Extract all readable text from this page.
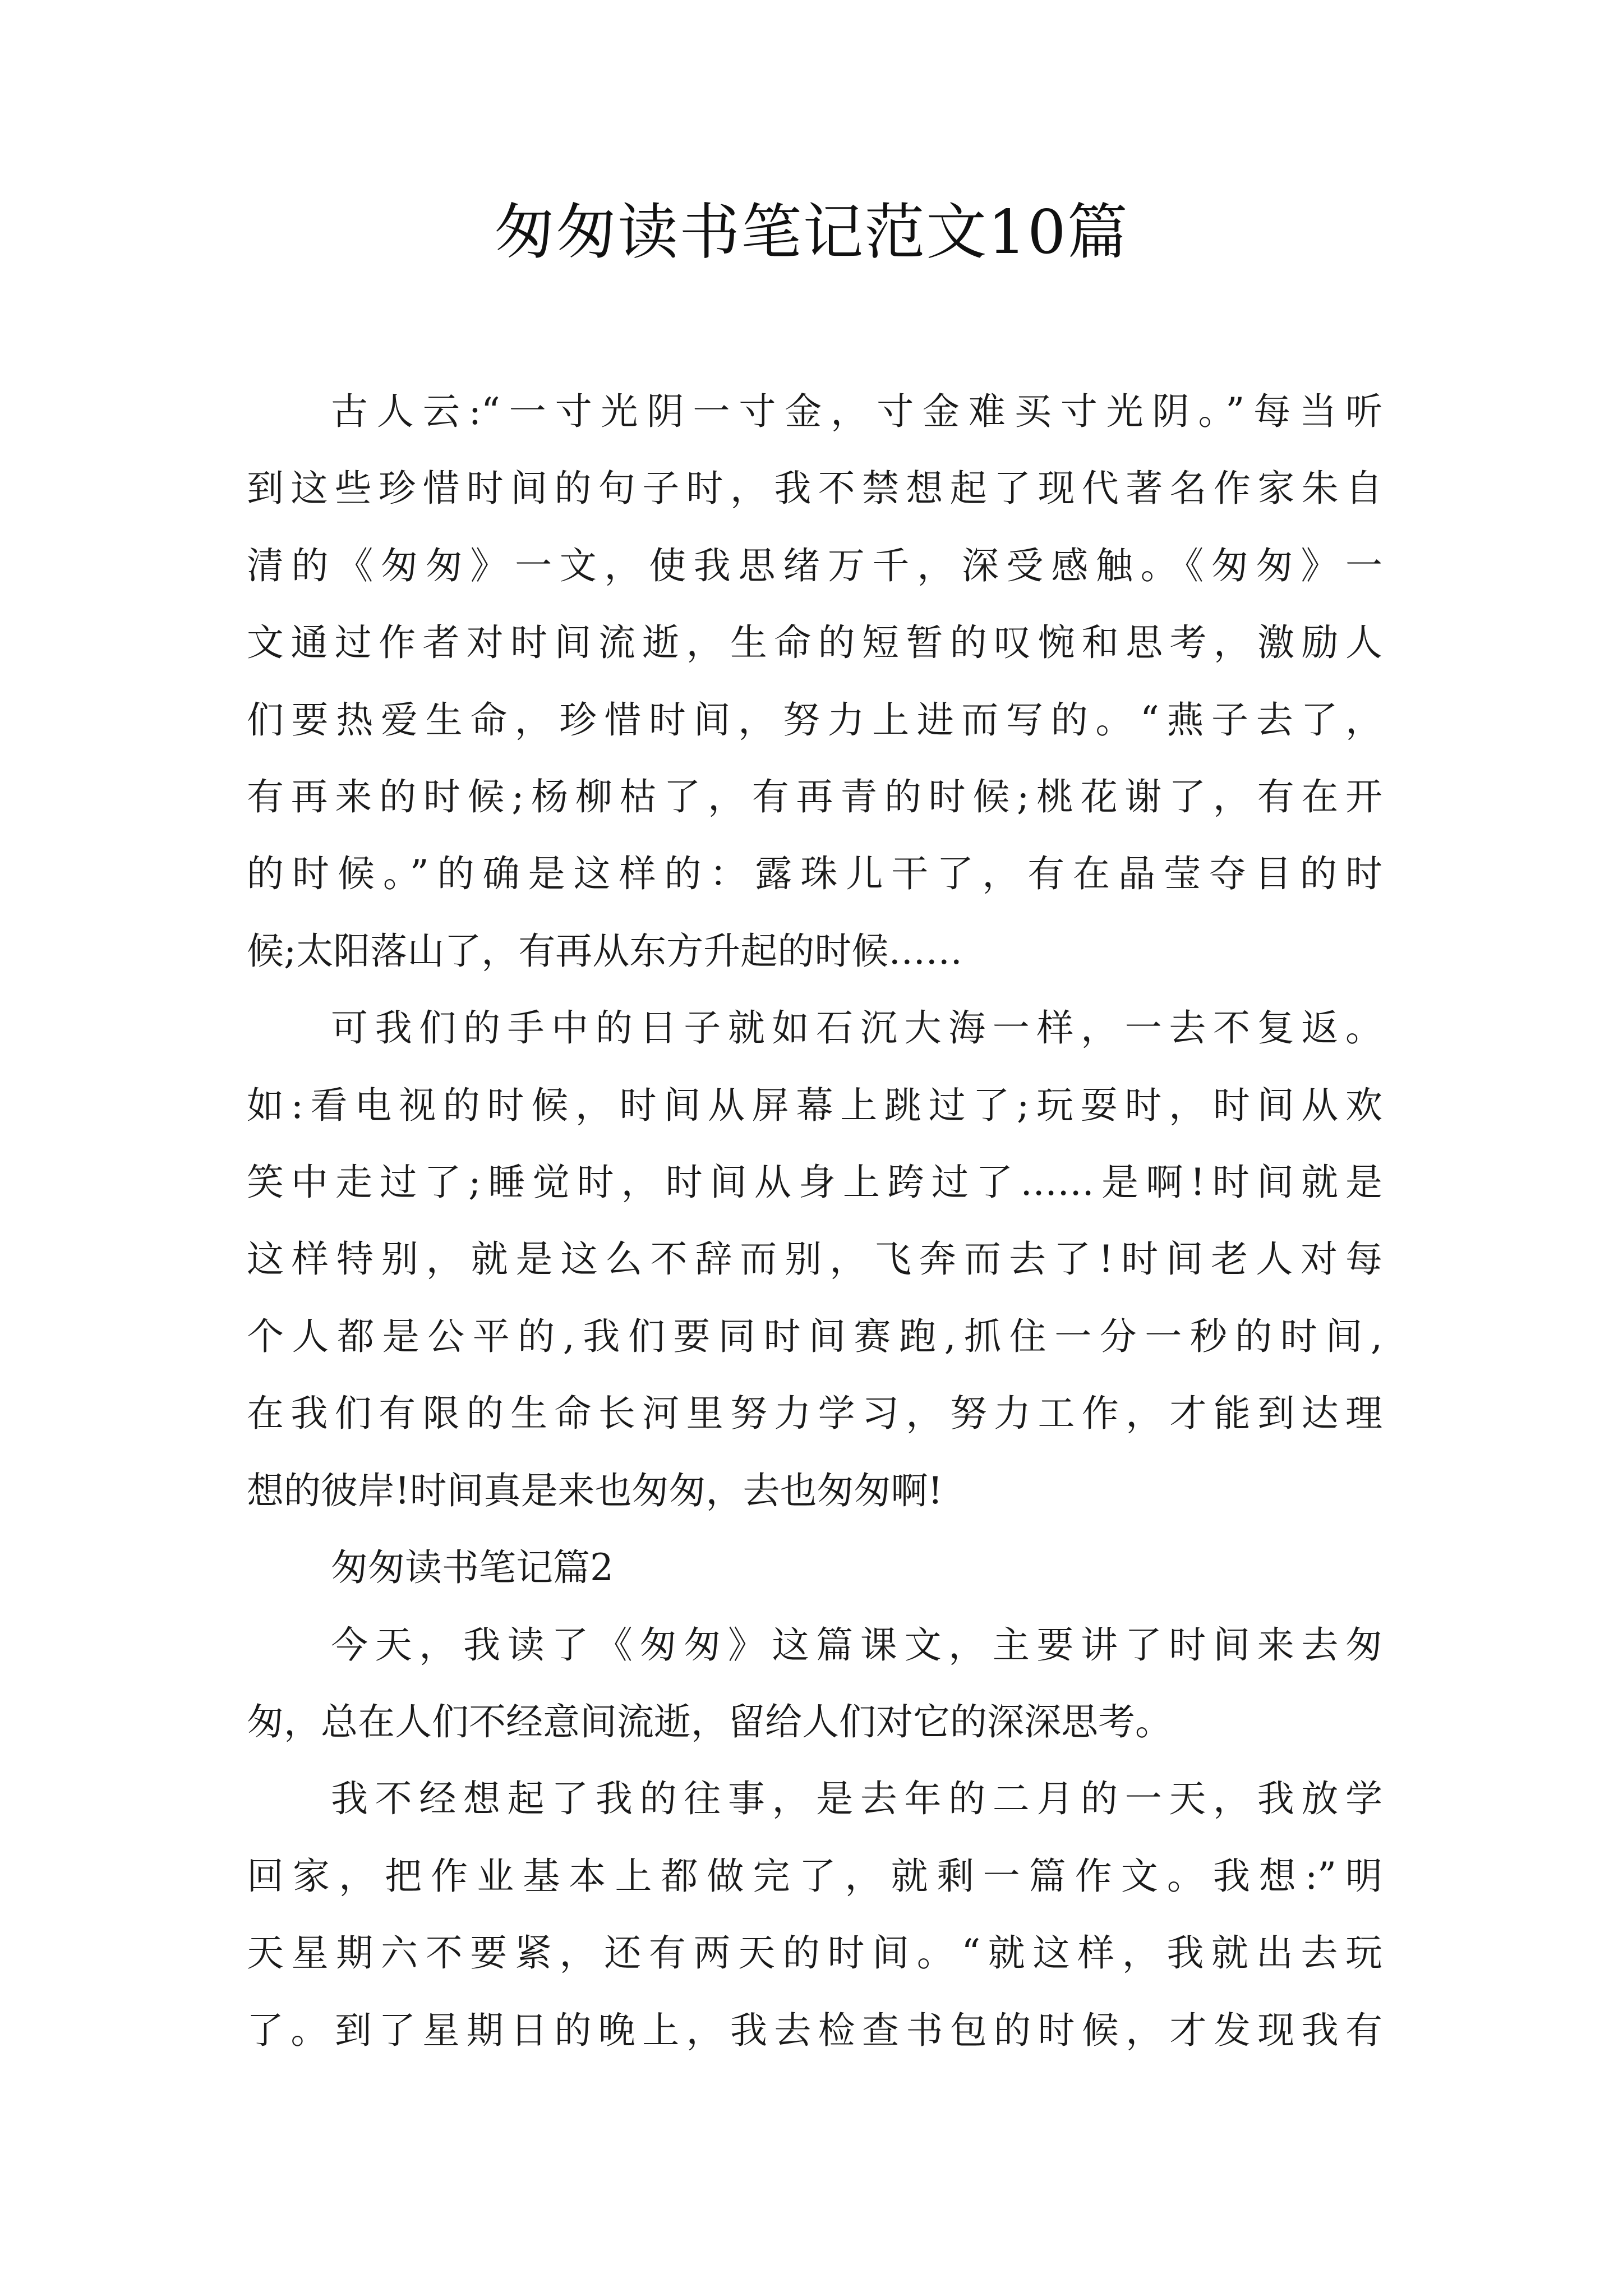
匆匆读书笔记范文10篇
古人云:“一寸光阴一寸金，寸金难买寸光阴。”每当听
到这些珍惜时间的句子时，我不禁想起了现代著名作家朱自
清的《匆匆》一文，使我思绪万千，深受感触。《匆匆》一
文通过作者对时间流逝，生命的短暂的叹惋和思考，激励人
们要热爱生命，珍惜时间，努力上进而写的。“燕子去了，
有再来的时候;杨柳枯了，有再青的时候;桃花谢了，有在开
的时候。”的确是这样的：露珠儿干了，有在晶莹夺目的时
候;太阳落山了，有再从东方升起的时候……
可我们的手中的日子就如石沉大海一样，一去不复返。
如:看电视的时候，时间从屏幕上跳过了;玩耍时，时间从欢
笑中走过了;睡觉时，时间从身上跨过了……是啊!时间就是
这样特别，就是这么不辞而别，飞奔而去了!时间老人对每
个人都是公平的,我们要同时间赛跑,抓住一分一秒的时间,
在我们有限的生命长河里努力学习，努力工作，才能到达理
想的彼岸!时间真是来也匆匆，去也匆匆啊!
匆匆读书笔记篇2
今天，我读了《匆匆》这篇课文，主要讲了时间来去匆
匆，总在人们不经意间流逝，留给人们对它的深深思考。
我不经想起了我的往事，是去年的二月的一天，我放学
回家，把作业基本上都做完了，就剩一篇作文。我想:”明
天星期六不要紧，还有两天的时间。“就这样，我就出去玩
了。到了星期日的晚上，我去检查书包的时候，才发现我有
